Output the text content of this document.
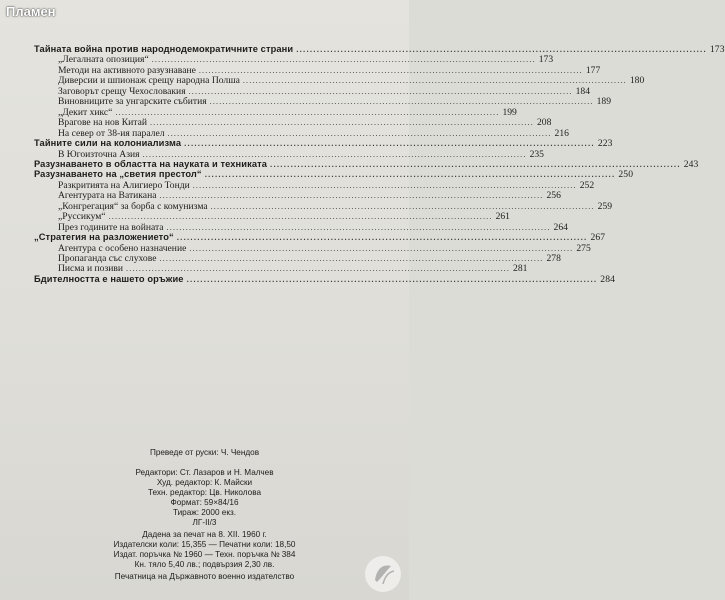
Пламен
Тайната война против народнодемократичните страни ........................................................................................................................ 173
„Легалната опозиция“ ........................................................................................................................ 173
Методи на активното разузнаване ........................................................................................................................ 177
Диверсии и шпионаж срещу народна Полша ........................................................................................................................ 180
Заговорът срещу Чехословакия ........................................................................................................................ 184
Виновниците за унгарските събития ........................................................................................................................ 189
„Декит хикс“ ........................................................................................................................ 199
Врагове на нов Китай ........................................................................................................................ 208
На север от 38-ия паралел ........................................................................................................................ 216
Тайните сили на колониализма ........................................................................................................................ 223
В Югоизточна Азия ........................................................................................................................ 235
Разузнаването в областта на науката и техниката ........................................................................................................................ 243
Разузнаването на „светия престол“ ........................................................................................................................ 250
Разкритията на Алигиеро Тонди ........................................................................................................................ 252
Агентурата на Ватикана ........................................................................................................................ 256
„Конгрегация“ за борба с комунизма ........................................................................................................................ 259
„Руссикум“ ........................................................................................................................ 261
През годините на войната ........................................................................................................................ 264
„Стратегия на разложението“ ........................................................................................................................ 267
Агентура с особено назначение ........................................................................................................................ 275
Пропаганда със слухове ........................................................................................................................ 278
Писма и позиви ........................................................................................................................ 281
Бдителността е нашето оръжие ........................................................................................................................ 284
Преведе от руски: Ч. Чендов
Редактори: Ст. Лазаров и Н. Малчев
Худ. редактор: К. Майски
Техн. редактор: Цв. Николова
Формат: 59×84/16
Тираж: 2000 екз.
ЛГ-II/3
Дадена за печат на 8. XII. 1960 г.
Издателски коли: 15,355 — Печатни коли: 18,50
Издат. поръчка № 1960 — Техн. поръчка № 384
Кн. тяло 5,40 лв.; подвързия 2,30 лв.
Печатница на Държавното военно издателство
